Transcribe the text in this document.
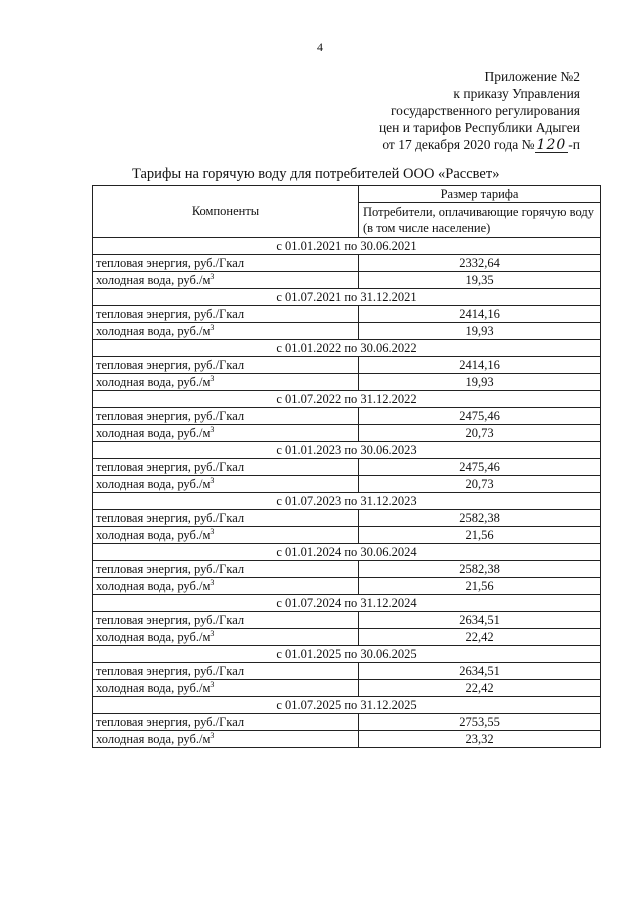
4
Приложение №2
к приказу Управления
государственного регулирования
цен и тарифов Республики Адыгеи
от 17 декабря 2020 года № 120 -п
Тарифы на горячую воду для потребителей ООО «Рассвет»
Компоненты	Размер тарифа
	Потребители, оплачивающие горячую воду (в том числе население)
с 01.01.2021 по 30.06.2021	
тепловая энергия, руб./Гкал	2332,64
холодная вода, $руб./м^3$	19,35
с 01.07.2021 по 31.12.2021	
тепловая энергия, руб./Гкал	2414,16
холодная вода, $руб./м^3$	19,93
с 01.01.2022 по 30.06.2022	
тепловая энергия, руб./Гкал	2414,16
холодная вода, $руб./м^3$	19,93
с 01.07.2022 по 31.12.2022	
тепловая энергия, руб./Гкал	2475,46
холодная вода, $руб./м^3$	20,73
с 01.01.2023 по 30.06.2023	
тепловая энергия, руб./Гкал	2475,46
холодная вода, $руб./м^3$	20,73
с 01.07.2023 по 31.12.2023	
тепловая энергия, руб./Гкал	2582,38
холодная вода, $руб./м^3$	21,56
с 01.01.2024 по 30.06.2024	
тепловая энергия, руб./Гкал	2582,38
холодная вода, $руб./м^3$	21,56
с 01.07.2024 по 31.12.2024	
тепловая энергия, руб./Гкал	2634,51
холодная вода, $руб./м^3$	22,42
с 01.01.2025 по 30.06.2025	
тепловая энергия, руб./Гкал	2634,51
холодная вода, $руб./м^3$	22,42
с 01.07.2025 по 31.12.2025	
тепловая энергия, руб./Гкал	2753,55
холодная вода, $руб./м^3$	23,32
